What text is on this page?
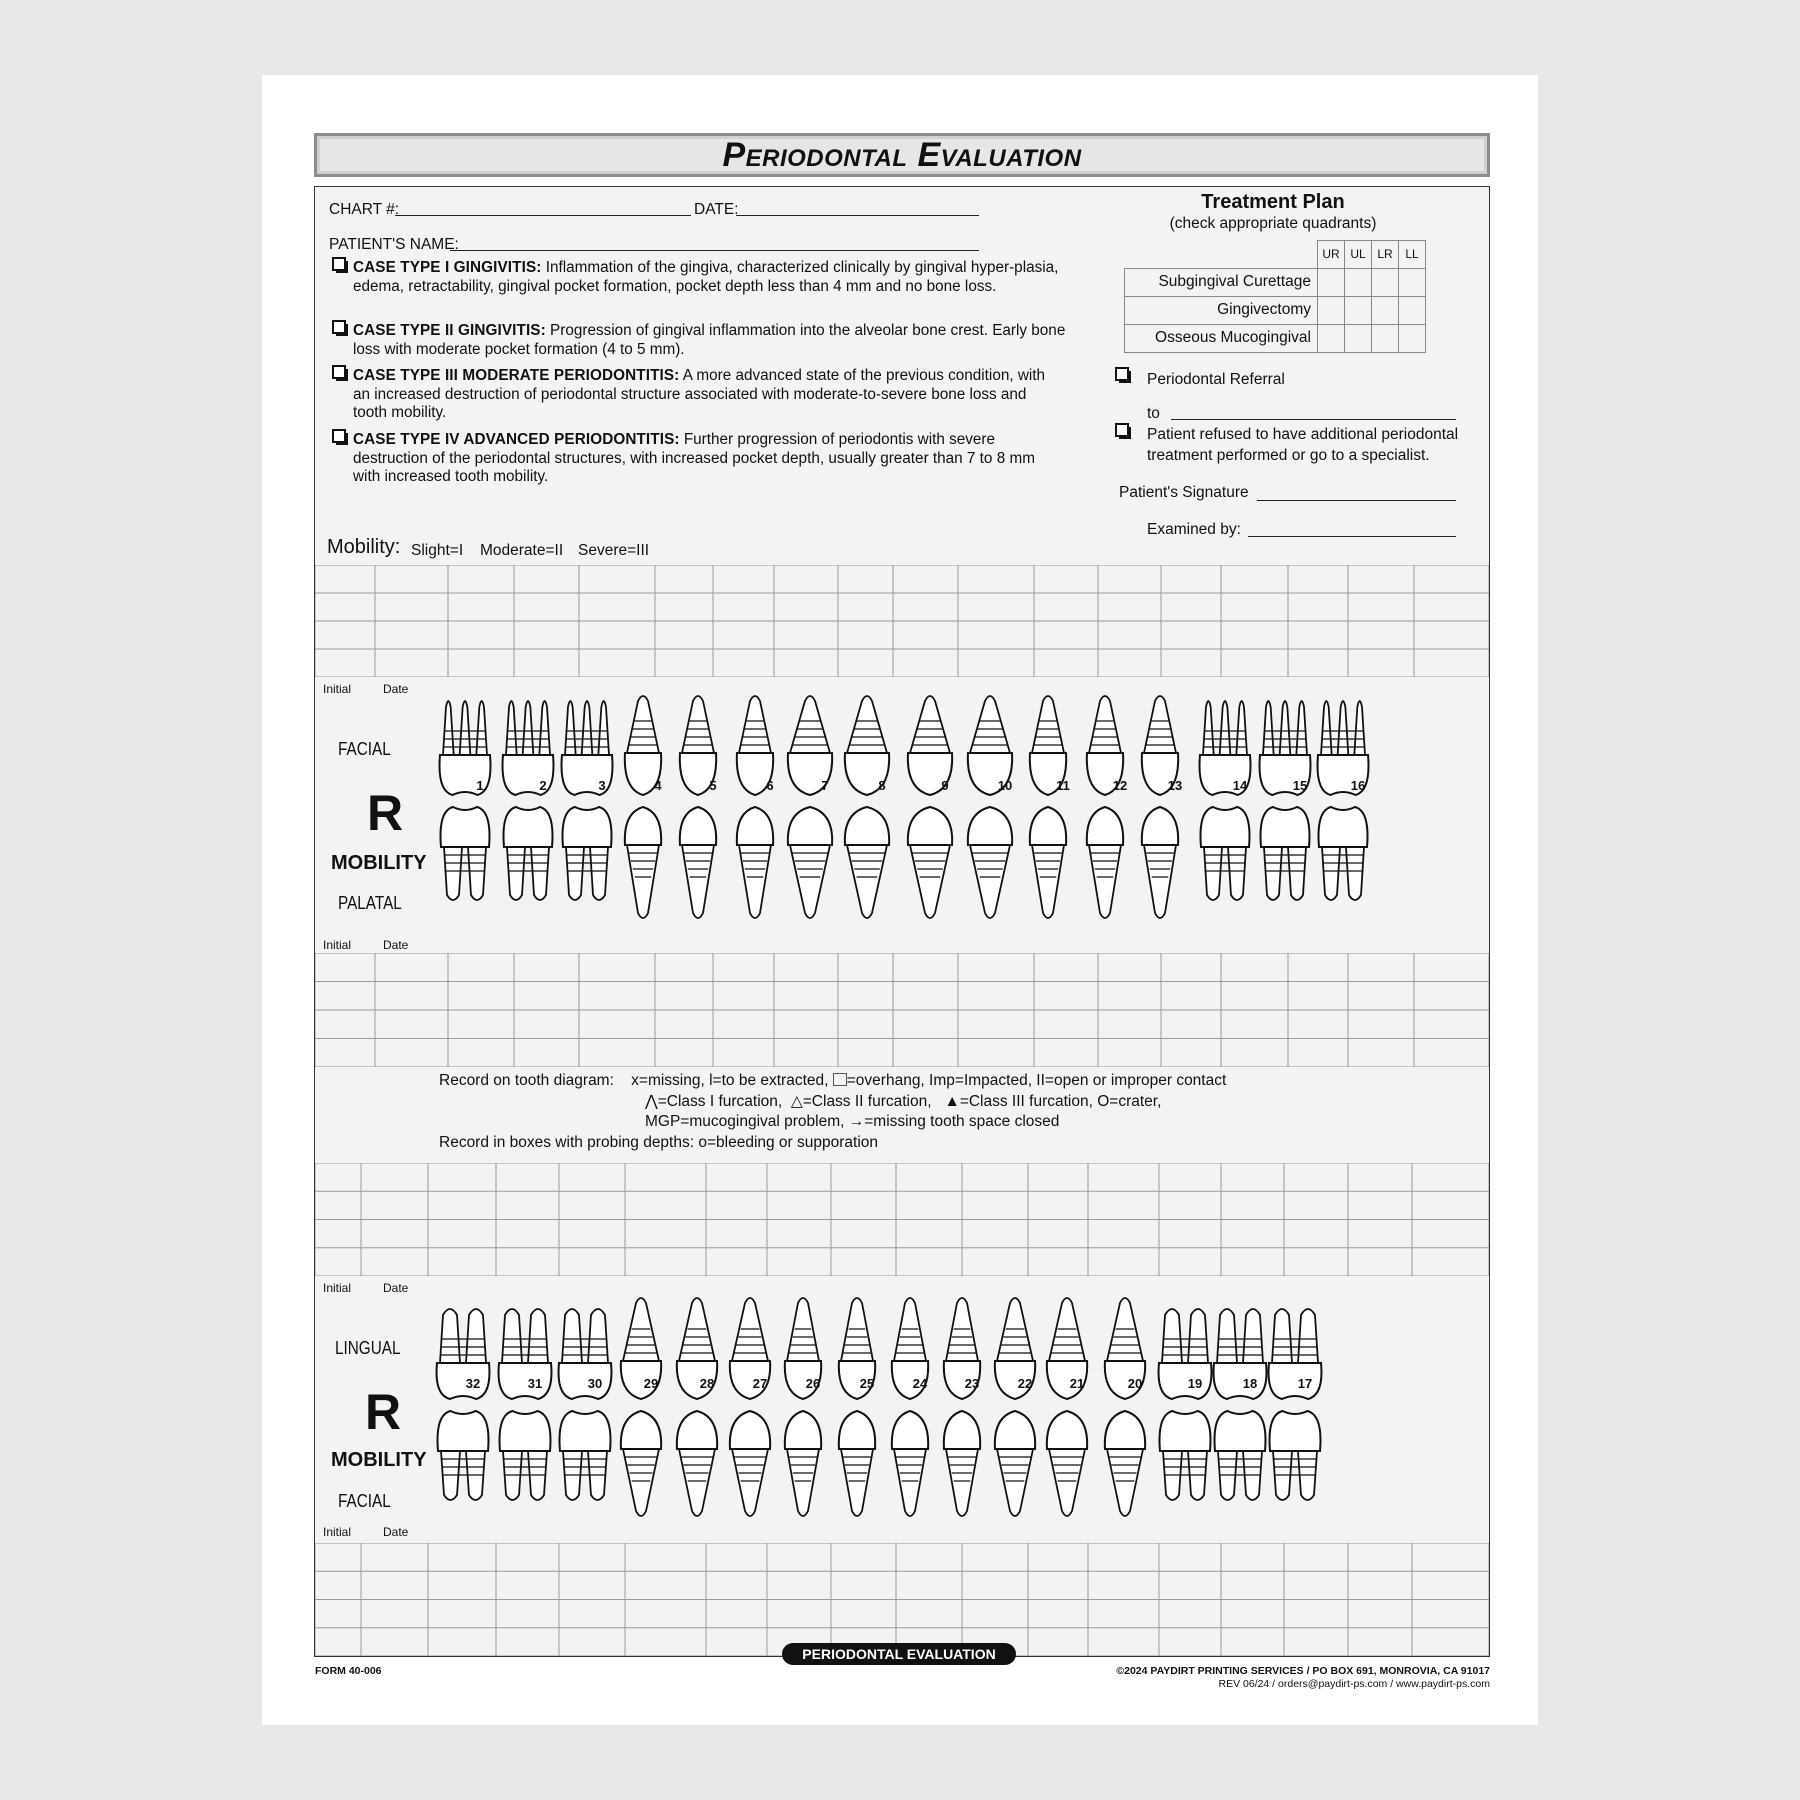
Periodontal Evaluation
CHART #:	DATE:
PATIENT'S NAME:
CASE TYPE I GINGIVITIS: Inflammation of the gingiva, characterized clinically by gingival hyper-plasia, edema, retractability, gingival pocket formation, pocket depth less than 4 mm and no bone loss.
CASE TYPE II GINGIVITIS: Progression of gingival inflammation into the alveolar bone crest. Early bone loss with moderate pocket formation (4 to 5 mm).
CASE TYPE III MODERATE PERIODONTITIS: A more advanced state of the previous condition, with an increased destruction of periodontal structure associated with moderate-to-severe bone loss and tooth mobility.
CASE TYPE IV ADVANCED PERIODONTITIS: Further progression of periodontis with severe destruction of the periodontal structures, with increased pocket depth, usually greater than 7 to 8 mm with increased tooth mobility.
Mobility: Slight=I Moderate=II Severe=III
Treatment Plan
(check appropriate quadrants)
	UR	UL	LR	LL
Subgingival Curettage				
Gingivectomy				
Osseous Mucogingival				
Periodontal Referral
to
Patient refused to have additional periodontal treatment performed or go to a specialist.
Patient's Signature
Examined by:
Initial	Date
FACIAL
R
MOBILITY
PALATAL
Initial	Date
1	2	3	4	5	6	7	8	9	10	11	12	13	14	15	16
Record on tooth diagram: x=missing, l=to be extracted, =overhang, Imp=Impacted, II=open or improper contact
⋀=Class I furcation, △=Class II furcation, ▲=Class III furcation, O=crater,
MGP=mucogingival problem, →=missing tooth space closed
Record in boxes with probing depths: o=bleeding or supporation
Initial	Date
LINGUAL
R
MOBILITY
FACIAL
Initial	Date
32	31	30	29	28	27	26	25	24	23	22	21	20	19	18	17
FORM 40-006	©2024 PAYDIRT PRINTING SERVICES / PO BOX 691, MONROVIA, CA 91017
REV 06/24 / orders@paydirt-ps.com / www.paydirt-ps.com
PERIODONTAL EVALUATION
